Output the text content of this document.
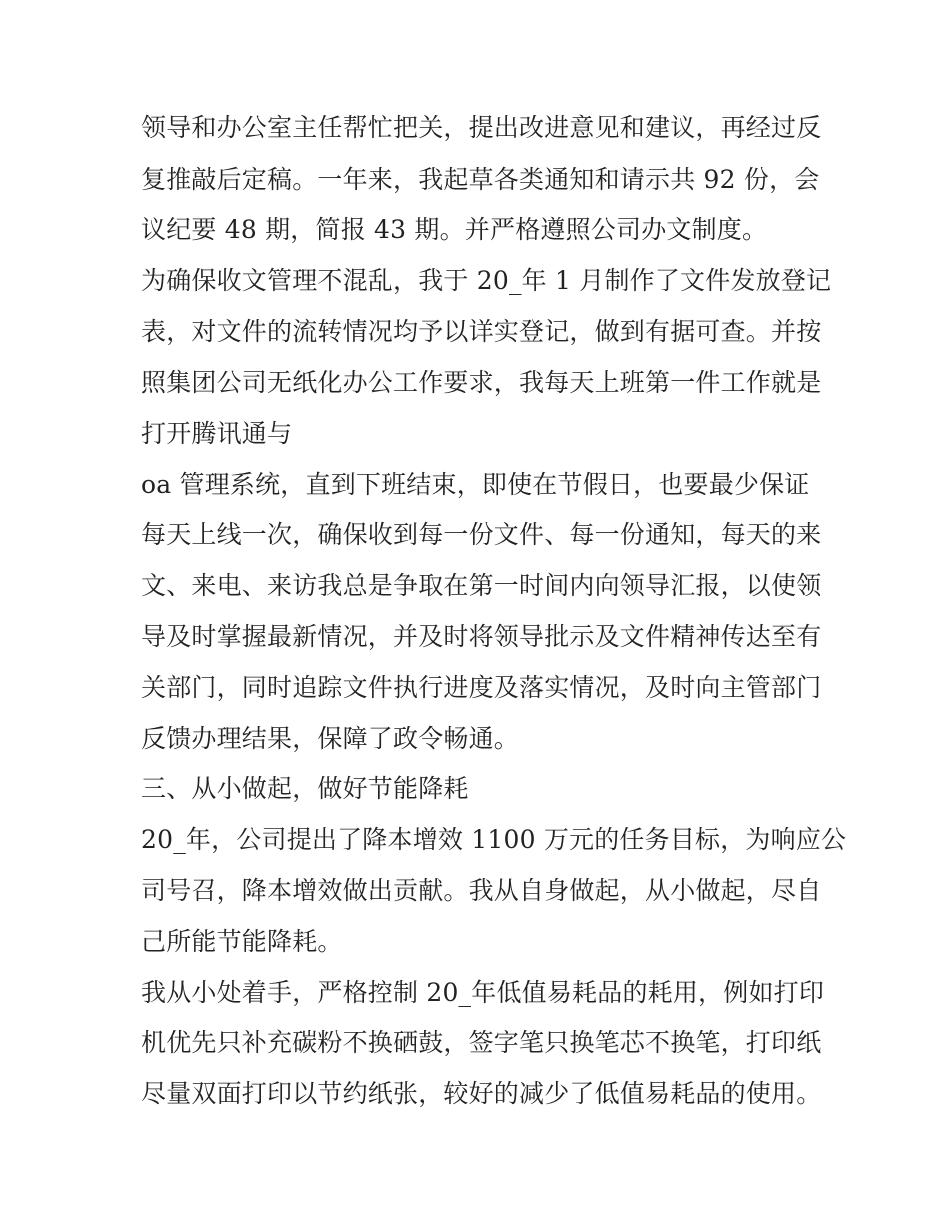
领导和办公室主任帮忙把关，提出改进意见和建议，再经过反

复推敲后定稿。一年来，我起草各类通知和请示共 92 份，会

议纪要 48 期，简报 43 期。并严格遵照公司办文制度。

为确保收文管理不混乱，我于 20_年 1 月制作了文件发放登记

表，对文件的流转情况均予以详实登记，做到有据可查。并按

照集团公司无纸化办公工作要求，我每天上班第一件工作就是

打开腾讯通与

oa 管理系统，直到下班结束，即使在节假日，也要最少保证

每天上线一次，确保收到每一份文件、每一份通知，每天的来

文、来电、来访我总是争取在第一时间内向领导汇报，以使领

导及时掌握最新情况，并及时将领导批示及文件精神传达至有

关部门，同时追踪文件执行进度及落实情况，及时向主管部门

反馈办理结果，保障了政令畅通。

三、从小做起，做好节能降耗

20_年，公司提出了降本增效 1100 万元的任务目标，为响应公

司号召，降本增效做出贡献。我从自身做起，从小做起，尽自

己所能节能降耗。

我从小处着手，严格控制 20_年低值易耗品的耗用，例如打印

机优先只补充碳粉不换硒鼓，签字笔只换笔芯不换笔，打印纸

尽量双面打印以节约纸张，较好的减少了低值易耗品的使用。
